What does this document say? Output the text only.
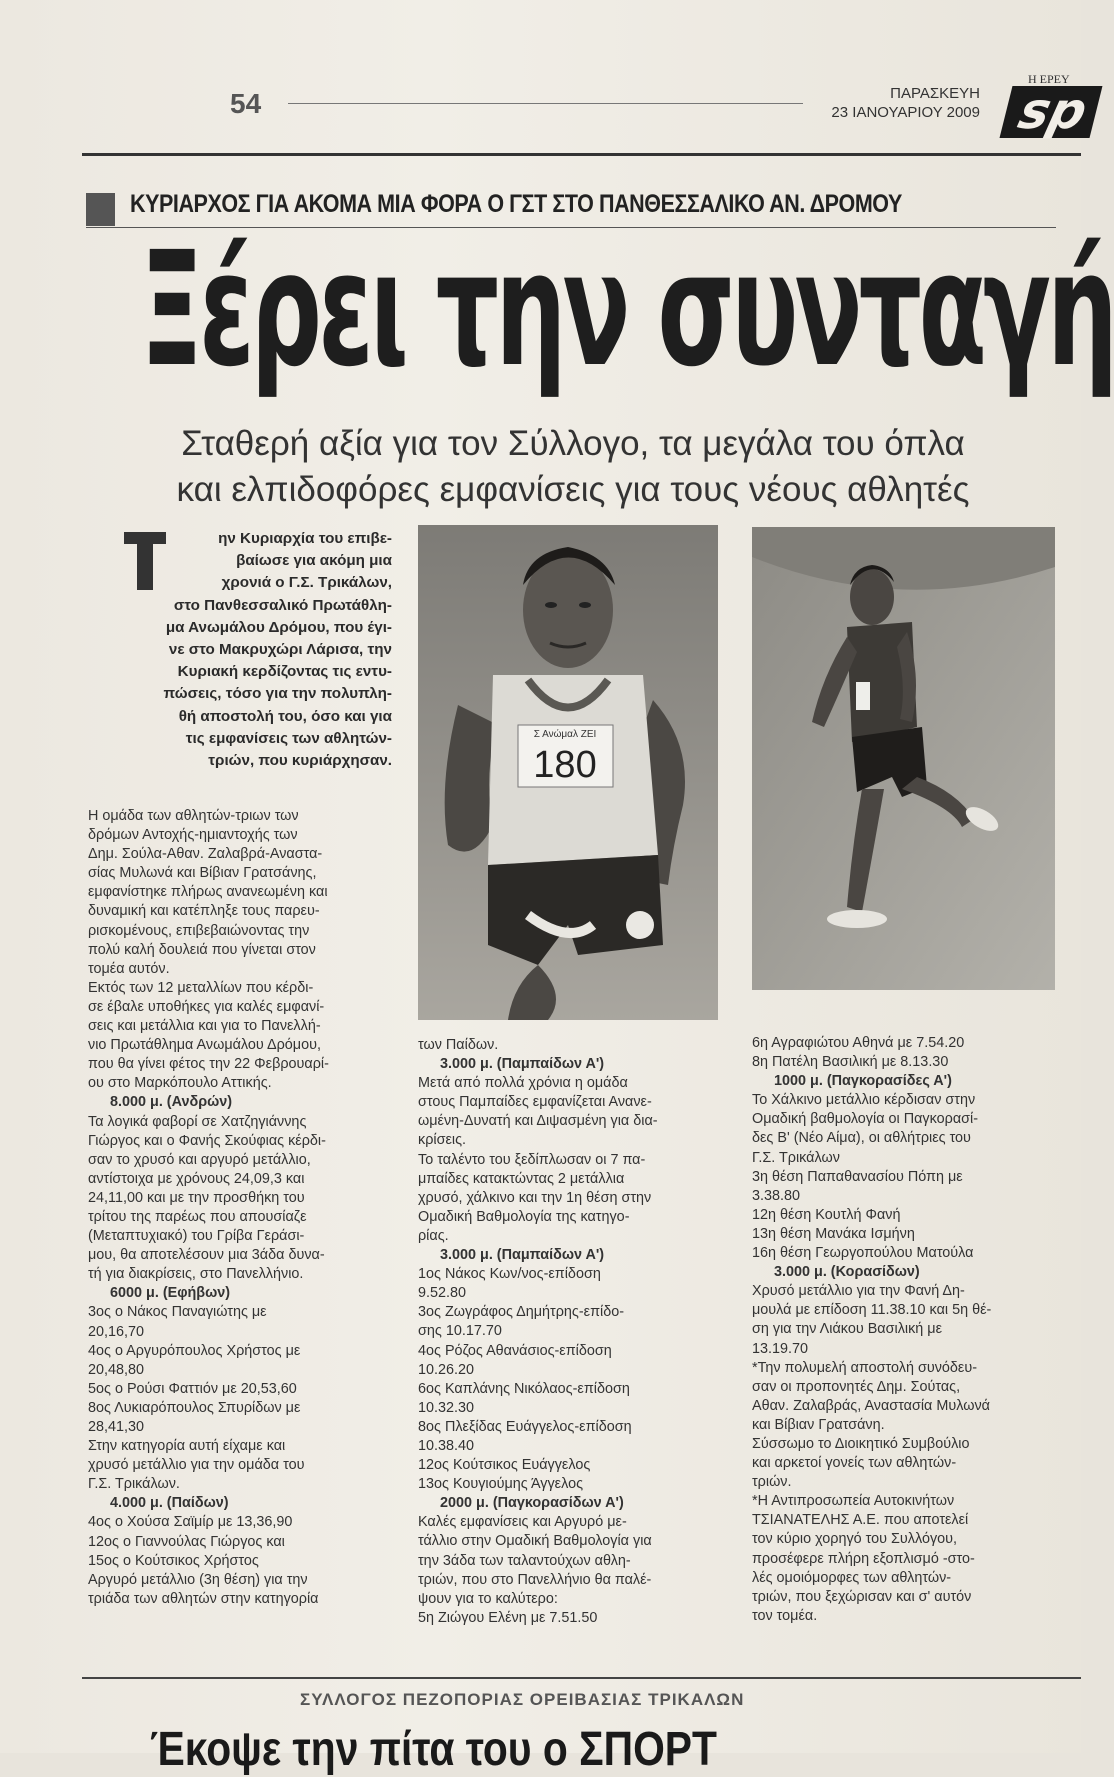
54	ΠΑΡΑΣΚΕΥΗ
23 ΙΑΝΟΥΑΡΙΟΥ 2009
Η ΕΡΕΥ
sp
ΚΥΡΙΑΡΧΟΣ ΓΙΑ ΑΚΟΜΑ ΜΙΑ ΦΟΡΑ Ο ΓΣΤ ΣΤΟ ΠΑΝΘΕΣΣΑΛΙΚΟ ΑΝ. ΔΡΟΜΟΥ
Ξέρει την συνταγή
Σταθερή αξία για τον Σύλλογο, τα μεγάλα του όπλα
και ελπιδοφόρες εμφανίσεις για τους νέους αθλητές
ην Κυριαρχία του επιβε-
βαίωσε για ακόμη μια
χρονιά ο Γ.Σ. Τρικάλων,
στο Πανθεσσαλικό Πρωτάθλη-
μα Ανωμάλου Δρόμου, που έγι-
νε στο Μακρυχώρι Λάρισα, την
Κυριακή κερδίζοντας τις εντυ-
πώσεις, τόσο για την πολυπλη-
θή αποστολή του, όσο και για
τις εμφανίσεις των αθλητών-
τριών, που κυριάρχησαν.
Η ομάδα των αθλητών-τριων των
δρόμων Αντοχής-ημιαντοχής των
Δημ. Σούλα-Αθαν. Ζαλαβρά-Αναστα-
σίας Μυλωνά και Βίβιαν Γρατσάνης,
εμφανίστηκε πλήρως ανανεωμένη και
δυναμική και κατέπληξε τους παρευ-
ρισκομένους, επιβεβαιώνοντας την
πολύ καλή δουλειά που γίνεται στον
τομέα αυτόν.
Εκτός των 12 μεταλλίων που κέρδι-
σε έβαλε υποθήκες για καλές εμφανί-
σεις και μετάλλια και για το Πανελλή-
νιο Πρωτάθλημα Ανωμάλου Δρόμου,
που θα γίνει φέτος την 22 Φεβρουαρί-
ου στο Μαρκόπουλο Αττικής.
8.000 μ. (Ανδρών)
Τα λογικά φαβορί σε Χατζηγιάννης
Γιώργος και ο Φανής Σκούφιας κέρδι-
σαν το χρυσό και αργυρό μετάλλιο,
αντίστοιχα με χρόνους 24,09,3 και
24,11,00 και με την προσθήκη του
τρίτου της παρέως που απουσίαζε
(Μεταπτυχιακό) του Γρίβα Γεράσι-
μου, θα αποτελέσουν μια 3άδα δυνα-
τή για διακρίσεις, στο Πανελλήνιο.
6000 μ. (Εφήβων)
3ος ο Νάκος Παναγιώτης με
20,16,70
4ος ο Αργυρόπουλος Χρήστος με
20,48,80
5ος ο Ρούσι Φαττιόν με 20,53,60
8ος Λυκιαρόπουλος Σπυρίδων με
28,41,30
Στην κατηγορία αυτή είχαμε και
χρυσό μετάλλιο για την ομάδα του
Γ.Σ. Τρικάλων.
4.000 μ. (Παίδων)
4ος ο Χούσα Σαϊμίρ με 13,36,90
12ος ο Γιαννούλας Γιώργος και
15ος ο Κούτσικος Χρήστος
Αργυρό μετάλλιο (3η θέση) για την
τριάδα των αθλητών στην κατηγορία
των Παίδων.
3.000 μ. (Παμπαίδων Α')
Μετά από πολλά χρόνια η ομάδα
στους Παμπαίδες εμφανίζεται Ανανε-
ωμένη-Δυνατή και Διψασμένη για δια-
κρίσεις.
Το ταλέντο του ξεδίπλωσαν οι 7 πα-
μπαίδες κατακτώντας 2 μετάλλια
χρυσό, χάλκινο και την 1η θέση στην
Ομαδική Βαθμολογία της κατηγο-
ρίας.
3.000 μ. (Παμπαίδων Α')
1ος Νάκος Κων/νος-επίδοση
9.52.80
3ος Ζωγράφος Δημήτρης-επίδο-
σης 10.17.70
4ος Ρόζος Αθανάσιος-επίδοση
10.26.20
6ος Καπλάνης Νικόλαος-επίδοση
10.32.30
8ος Πλεξίδας Ευάγγελος-επίδοση
10.38.40
12ος Κούτσικος Ευάγγελος
13ος Κουγιούμης Άγγελος
2000 μ. (Παγκορασίδων Α')
Καλές εμφανίσεις και Αργυρό με-
τάλλιο στην Ομαδική Βαθμολογία για
την 3άδα των ταλαντούχων αθλη-
τριών, που στο Πανελλήνιο θα παλέ-
ψουν για το καλύτερο:
5η Ζιώγου Ελένη με 7.51.50
6η Αγραφιώτου Αθηνά με 7.54.20
8η Πατέλη Βασιλική με 8.13.30
1000 μ. (Παγκορασίδες Α')
Το Χάλκινο μετάλλιο κέρδισαν στην
Ομαδική βαθμολογία οι Παγκορασί-
δες Β' (Νέο Αίμα), οι αθλήτριες του
Γ.Σ. Τρικάλων
3η θέση Παπαθανασίου Πόπη με
3.38.80
12η θέση Κουτλή Φανή
13η θέση Μανάκα Ισμήνη
16η θέση Γεωργοπούλου Ματούλα
3.000 μ. (Κορασίδων)
Χρυσό μετάλλιο για την Φανή Δη-
μουλά με επίδοση 11.38.10 και 5η θέ-
ση για την Λιάκου Βασιλική με
13.19.70
*Την πολυμελή αποστολή συνόδευ-
σαν οι προπονητές Δημ. Σούτας,
Αθαν. Ζαλαβράς, Αναστασία Μυλωνά
και Βίβιαν Γρατσάνη.
Σύσσωμο το Διοικητικό Συμβούλιο
και αρκετοί γονείς των αθλητών-
τριών.
*Η Αντιπροσωπεία Αυτοκινήτων
ΤΣΙΑΝΑΤΕΛΗΣ Α.Ε. που αποτελεί
τον κύριο χορηγό του Συλλόγου,
προσέφερε πλήρη εξοπλισμό -στο-
λές ομοιόμορφες των αθλητών-
τριών, που ξεχώρισαν και σ' αυτόν
τον τομέα.
Σ Ανώμαλ ΖΕΙ
180
ΣΥΛΛΟΓΟΣ ΠΕΖΟΠΟΡΙΑΣ ΟΡΕΙΒΑΣΙΑΣ ΤΡΙΚΑΛΩΝ
Έκοψε την πίτα του ο ΣΠΟΡΤ
